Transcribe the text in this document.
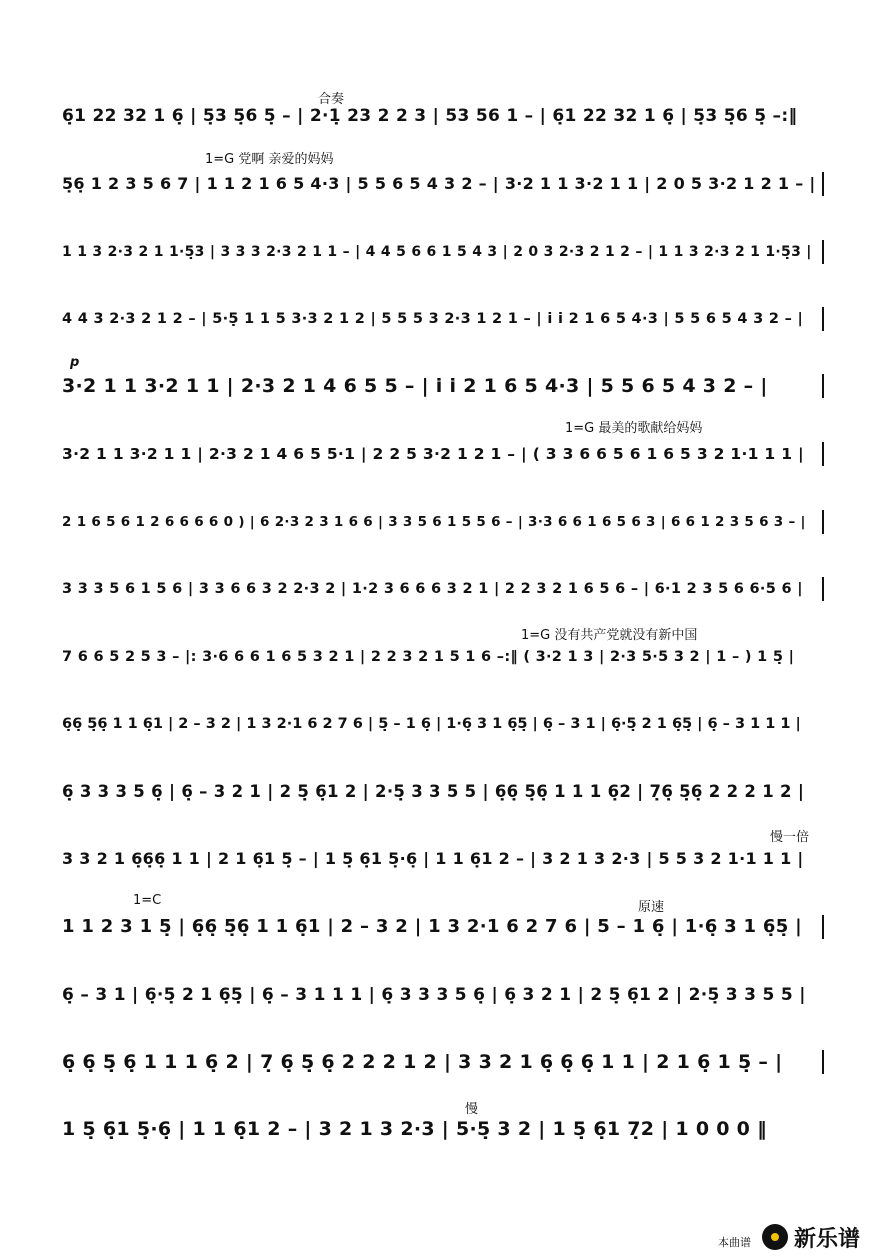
合奏
1=G 党啊 亲爱的妈妈
p
1=G 最美的歌献给妈妈
1=G 没有共产党就没有新中国
慢一倍
1=C	原速
慢
6̣1 22 32 1 6̣ | 5̣3 5̣6 5̣ – | 2·1̣ 23 2 2 3 | 53 56 1 – | 6̣1 22 32 1 6̣ | 5̣3 5̣6 5̣ –:‖
5̣6̣ 1 2 3 5 6 7 | 1 1 2 1 6 5 4·3 | 5 5 6 5 4 3 2 – | 3·2 1 1 3·2 1 1 | 2 0 5 3·2 1 2 1 – |
1 1 3 2·3 2 1 1·5̣3 | 3 3 3 2·3 2 1 1 – | 4 4 5 6 6 1 5 4 3 | 2 0 3 2·3 2 1 2 – | 1 1 3 2·3 2 1 1·5̣3 |
4 4 3 2·3 2 1 2 – | 5·5̣ 1 1 5 3·3 2 1 2 | 5 5 5 3 2·3 1 2 1 – | i i 2 1 6 5 4·3 | 5 5 6 5 4 3 2 – |
3·2 1 1 3·2 1 1 | 2·3 2 1 4 6 5 5 – | i i 2 1 6 5 4·3 | 5 5 6 5 4 3 2 – |
3·2 1 1 3·2 1 1 | 2·3 2 1 4 6 5 5·1 | 2 2 5 3·2 1 2 1 – | ( 3 3 6 6 5 6 1 6 5 3 2 1·1 1 1 |
2 1 6 5 6 1 2 6 6 6 6 0 ) | 6 2·3 2 3 1 6 6 | 3 3 5 6 1 5 5 6 – | 3·3 6 6 1 6 5 6 3 | 6 6 1 2 3 5 6 3 – |
3 3 3 5 6 1 5 6 | 3 3 6 6 3 2 2·3 2 | 1·2 3 6 6 6 3 2 1 | 2 2 3 2 1 6 5 6 – | 6·1 2 3 5 6 6·5 6 |
7 6 6 5 2 5 3 – |: 3·6 6 6 1 6 5 3 2 1 | 2 2 3 2 1 5 1 6 –:‖ ( 3·2 1 3 | 2·3 5·5 3 2 | 1 – ) 1 5̣ |
6̣6̣ 5̣6̣ 1 1 6̣1 | 2 – 3 2 | 1 3 2·1 6 2 7 6 | 5̣ – 1 6̣ | 1·6̣ 3 1 6̣5̣ | 6̣ – 3 1 | 6̣·5̣ 2 1 6̣5̣ | 6̣ – 3 1 1 1 |
6̣ 3 3 3 5 6̣ | 6̣ – 3 2 1 | 2 5̣ 6̣1 2 | 2·5̣ 3 3 5 5 | 6̣6̣ 5̣6̣ 1 1 1 6̣2 | 7̣6̣ 5̣6̣ 2 2 2 1 2 |
3 3 2 1 6̣6̣6̣ 1 1 | 2 1 6̣1 5̣ – | 1 5̣ 6̣1 5̣·6̣ | 1 1 6̣1 2 – | 3 2 1 3 2·3 | 5 5 3 2 1·1 1 1 |
1 1 2 3 1 5̣ | 6̣6̣ 5̣6̣ 1 1 6̣1 | 2 – 3 2 | 1 3 2·1 6 2 7 6 | 5 – 1 6̣ | 1·6̣ 3 1 6̣5̣ |
6̣ – 3 1 | 6̣·5̣ 2 1 6̣5̣ | 6̣ – 3 1 1 1 | 6̣ 3 3 3 5 6̣ | 6̣ 3 2 1 | 2 5̣ 6̣1 2 | 2·5̣ 3 3 5 5 |
6̣ 6̣ 5̣ 6̣ 1 1 1 6̣ 2 | 7̣ 6̣ 5̣ 6̣ 2 2 2 1 2 | 3 3 2 1 6̣ 6̣ 6̣ 1 1 | 2 1 6̣ 1 5̣ – |
1 5̣ 6̣1 5̣·6̣ | 1 1 6̣1 2 – | 3 2 1 3 2·3 | 5·5̣ 3 2 | 1 5̣ 6̣1 7̣2 | 1 0 0 0 ‖
本曲谱 新乐谱
